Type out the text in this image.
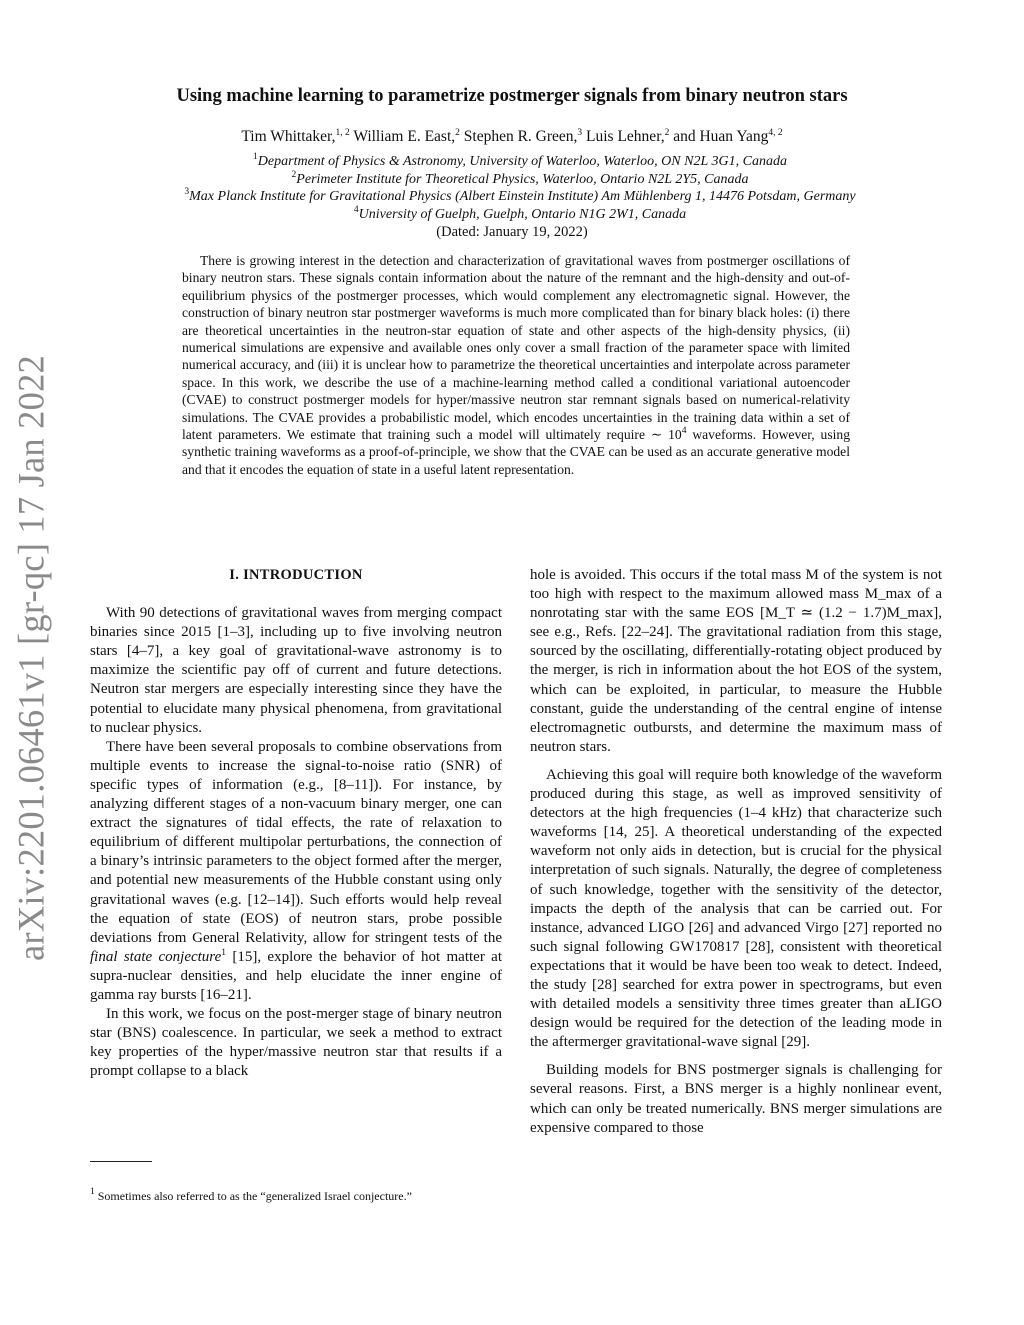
arXiv:2201.06461v1 [gr-qc] 17 Jan 2022
Using machine learning to parametrize postmerger signals from binary neutron stars
Tim Whittaker,$^{1, 2}$ William E. East,$^2$ Stephen R. Green,$^3$ Luis Lehner,$^2$ and Huan Yang$^{4, 2}$
$^1$Department of Physics & Astronomy, University of Waterloo, Waterloo, ON N2L 3G1, Canada
$^2$Perimeter Institute for Theoretical Physics, Waterloo, Ontario N2L 2Y5, Canada
$^3$Max Planck Institute for Gravitational Physics (Albert Einstein Institute) Am Mühlenberg 1, 14476 Potsdam, Germany
$^4$University of Guelph, Guelph, Ontario N1G 2W1, Canada
(Dated: January 19, 2022)
There is growing interest in the detection and characterization of gravitational waves from postmerger oscillations of binary neutron stars. These signals contain information about the nature of the remnant and the high-density and out-of-equilibrium physics of the postmerger processes, which would complement any electromagnetic signal. However, the construction of binary neutron star postmerger waveforms is much more complicated than for binary black holes: (i) there are theoretical uncertainties in the neutron-star equation of state and other aspects of the high-density physics, (ii) numerical simulations are expensive and available ones only cover a small fraction of the parameter space with limited numerical accuracy, and (iii) it is unclear how to parametrize the theoretical uncertainties and interpolate across parameter space. In this work, we describe the use of a machine-learning method called a conditional variational autoencoder (CVAE) to construct postmerger models for hyper/massive neutron star remnant signals based on numerical-relativity simulations. The CVAE provides a probabilistic model, which encodes uncertainties in the training data within a set of latent parameters. We estimate that training such a model will ultimately require ∼ $10^4$ waveforms. However, using synthetic training waveforms as a proof-of-principle, we show that the CVAE can be used as an accurate generative model and that it encodes the equation of state in a useful latent representation.
I. INTRODUCTION

With 90 detections of gravitational waves from merging compact binaries since 2015 [1–3], including up to five involving neutron stars [4–7], a key goal of gravitational-wave astronomy is to maximize the scientific pay off of current and future detections. Neutron star mergers are especially interesting since they have the potential to elucidate many physical phenomena, from gravitational to nuclear physics.

There have been several proposals to combine observations from multiple events to increase the signal-to-noise ratio (SNR) of specific types of information (e.g., [8–11]). For instance, by analyzing different stages of a non-vacuum binary merger, one can extract the signatures of tidal effects, the rate of relaxation to equilibrium of different multipolar perturbations, the connection of a binary’s intrinsic parameters to the object formed after the merger, and potential new measurements of the Hubble constant using only gravitational waves (e.g. [12–14]). Such efforts would help reveal the equation of state (EOS) of neutron stars, probe possible deviations from General Relativity, allow for stringent tests of the final state conjecture$^1$ [15], explore the behavior of hot matter at supra-nuclear densities, and help elucidate the inner engine of gamma ray bursts [16–21].

In this work, we focus on the post-merger stage of binary neutron star (BNS) coalescence. In particular, we seek a method to extract key properties of the hyper/massive neutron star that results if a prompt collapse to a black

$^1$ Sometimes also referred to as the “generalized Israel conjecture.”

hole is avoided. This occurs if the total mass M of the system is not too high with respect to the maximum allowed mass M_max of a nonrotating star with the same EOS [M_T ≃ (1.2 − 1.7)M_max], see e.g., Refs. [22–24]. The gravitational radiation from this stage, sourced by the oscillating, differentially-rotating object produced by the merger, is rich in information about the hot EOS of the system, which can be exploited, in particular, to measure the Hubble constant, guide the understanding of the central engine of intense electromagnetic outbursts, and determine the maximum mass of neutron stars.

Achieving this goal will require both knowledge of the waveform produced during this stage, as well as improved sensitivity of detectors at the high frequencies (1–4 kHz) that characterize such waveforms [14, 25]. A theoretical understanding of the expected waveform not only aids in detection, but is crucial for the physical interpretation of such signals. Naturally, the degree of completeness of such knowledge, together with the sensitivity of the detector, impacts the depth of the analysis that can be carried out. For instance, advanced LIGO [26] and advanced Virgo [27] reported no such signal following GW170817 [28], consistent with theoretical expectations that it would be have been too weak to detect. Indeed, the study [28] searched for extra power in spectrograms, but even with detailed models a sensitivity three times greater than aLIGO design would be required for the detection of the leading mode in the aftermerger gravitational-wave signal [29].

Building models for BNS postmerger signals is challenging for several reasons. First, a BNS merger is a highly nonlinear event, which can only be treated numerically. BNS merger simulations are expensive compared to those
